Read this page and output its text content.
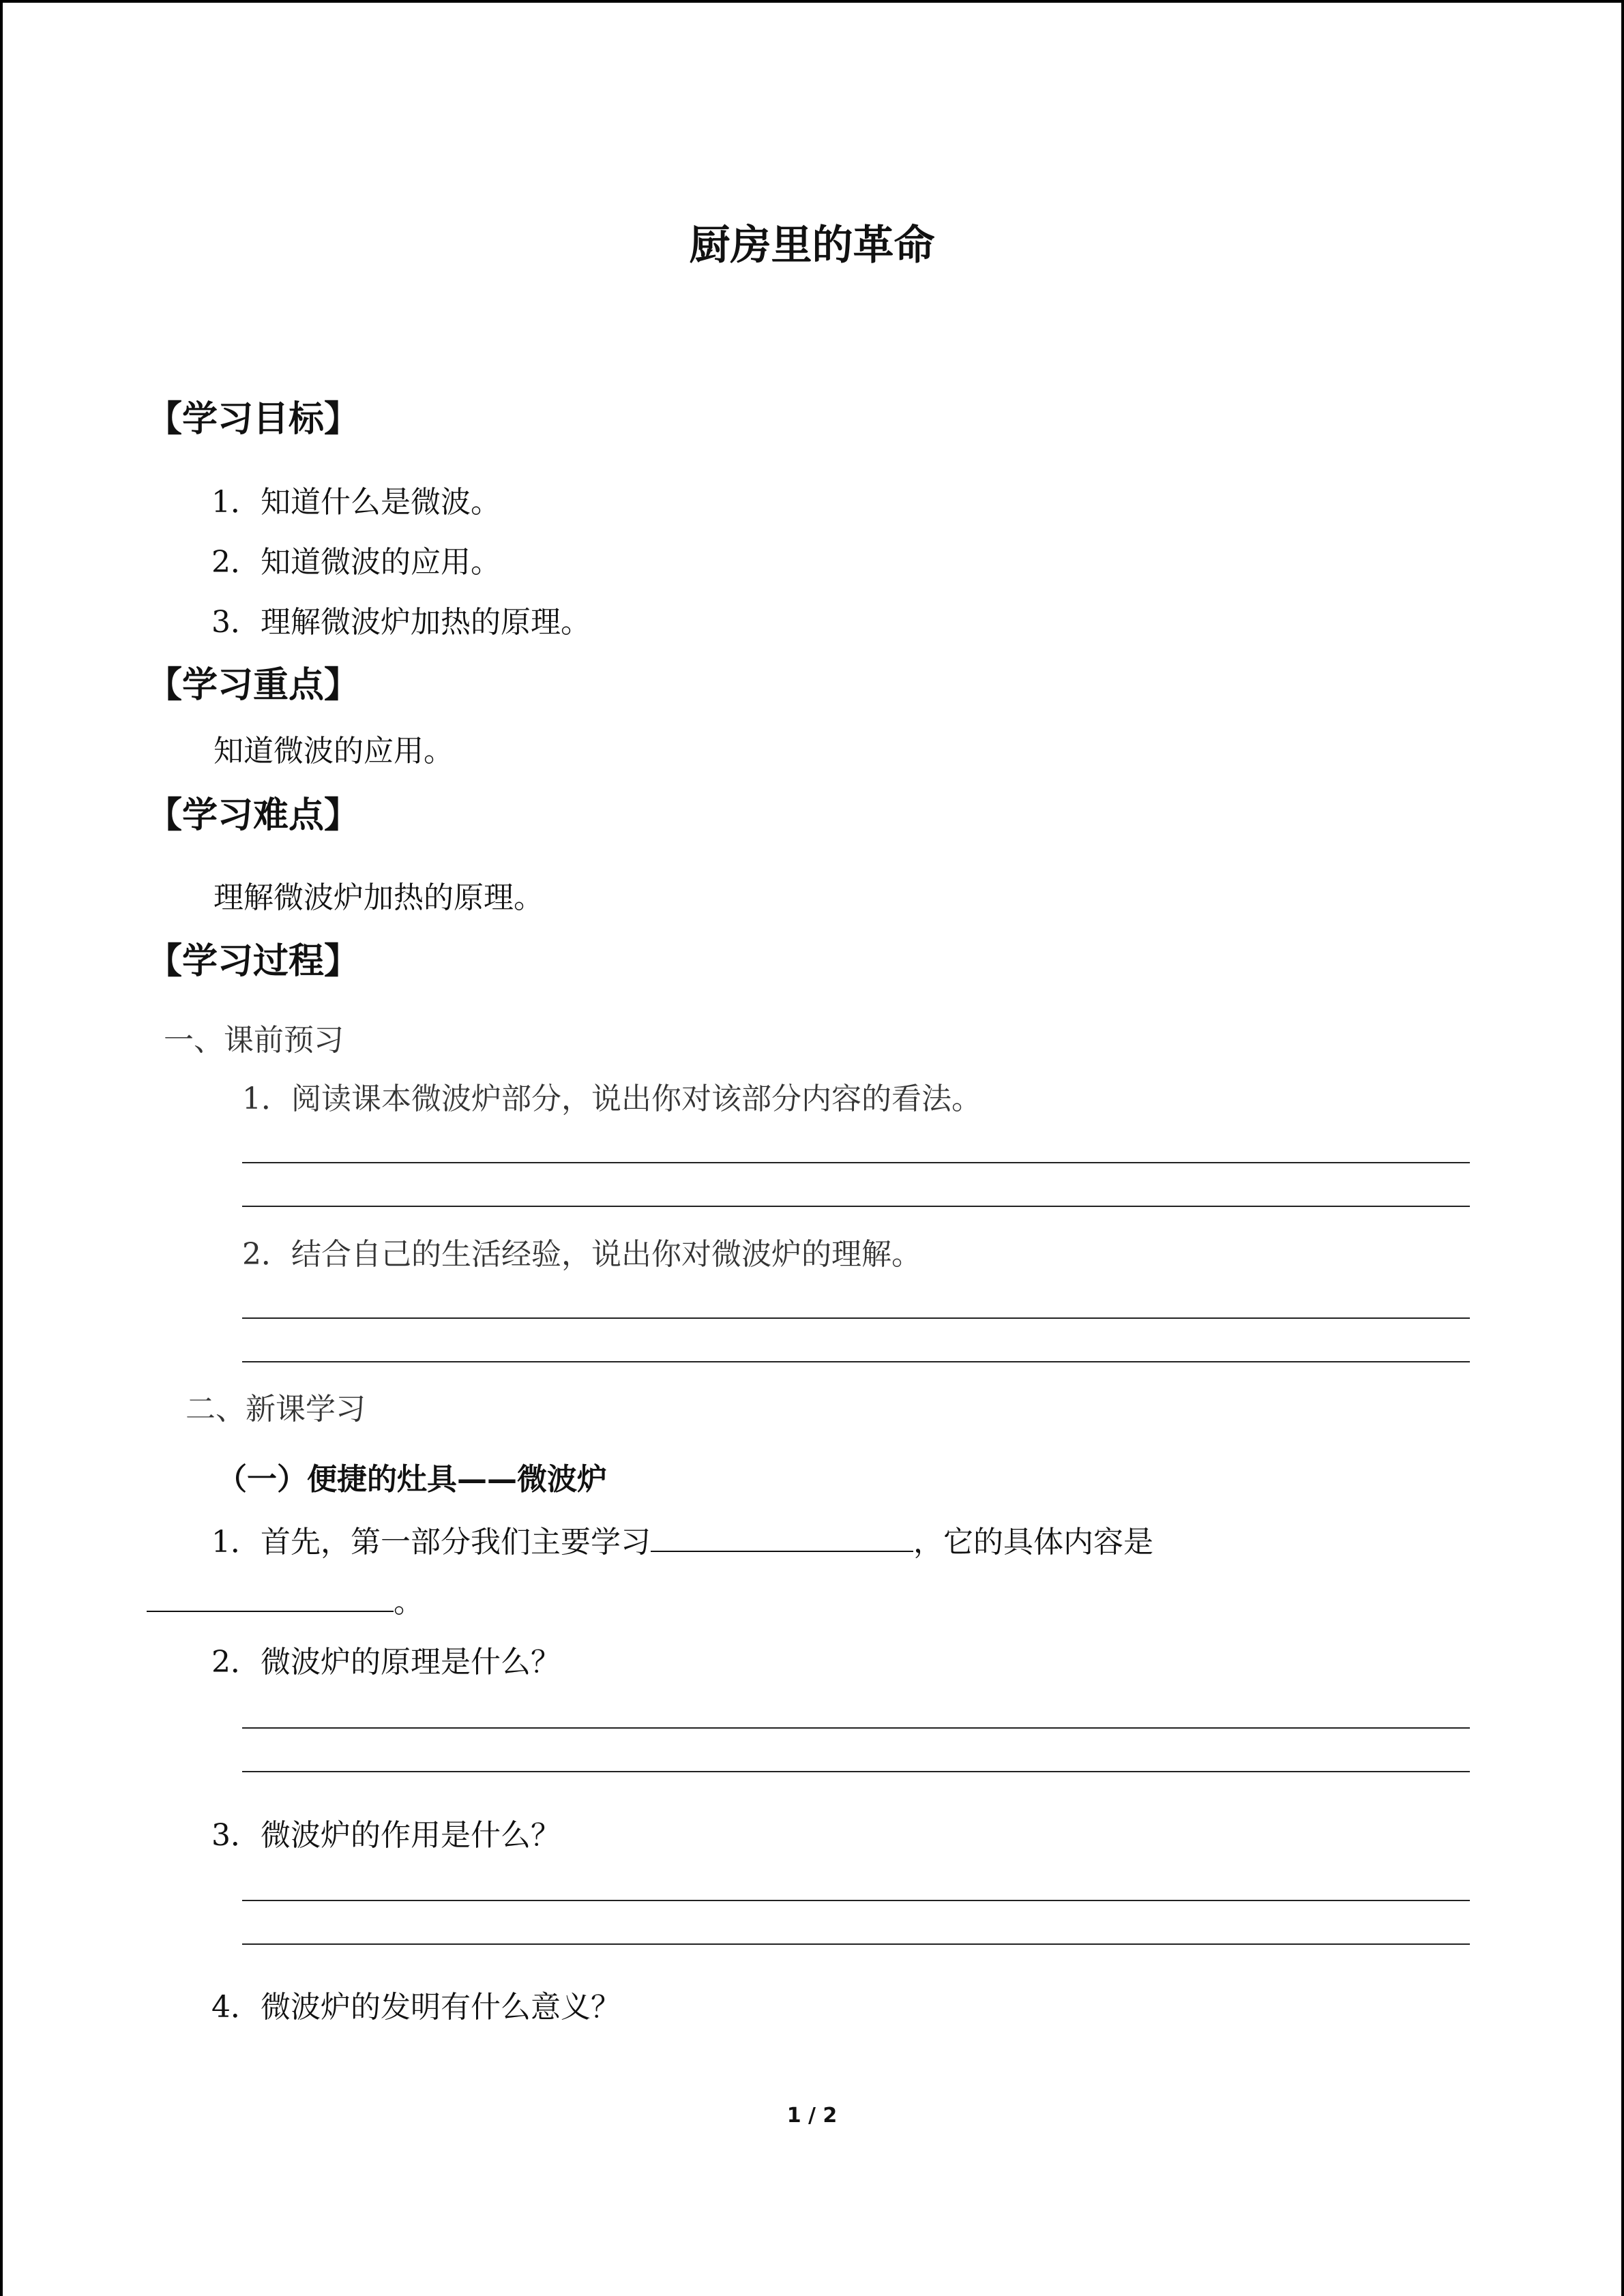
厨房里的革命
【学习目标】
1．知道什么是微波。
2．知道微波的应用。
3．理解微波炉加热的原理。
【学习重点】
知道微波的应用。
【学习难点】
理解微波炉加热的原理。
【学习过程】
一、课前预习
1．阅读课本微波炉部分，说出你对该部分内容的看法。
2．结合自己的生活经验，说出你对微波炉的理解。
二、新课学习
（一）便捷的灶具——微波炉
1．首先，第一部分我们主要学习	，它的具体内容是
。
2．微波炉的原理是什么？
3．微波炉的作用是什么？
4．微波炉的发明有什么意义？
1 / 2
